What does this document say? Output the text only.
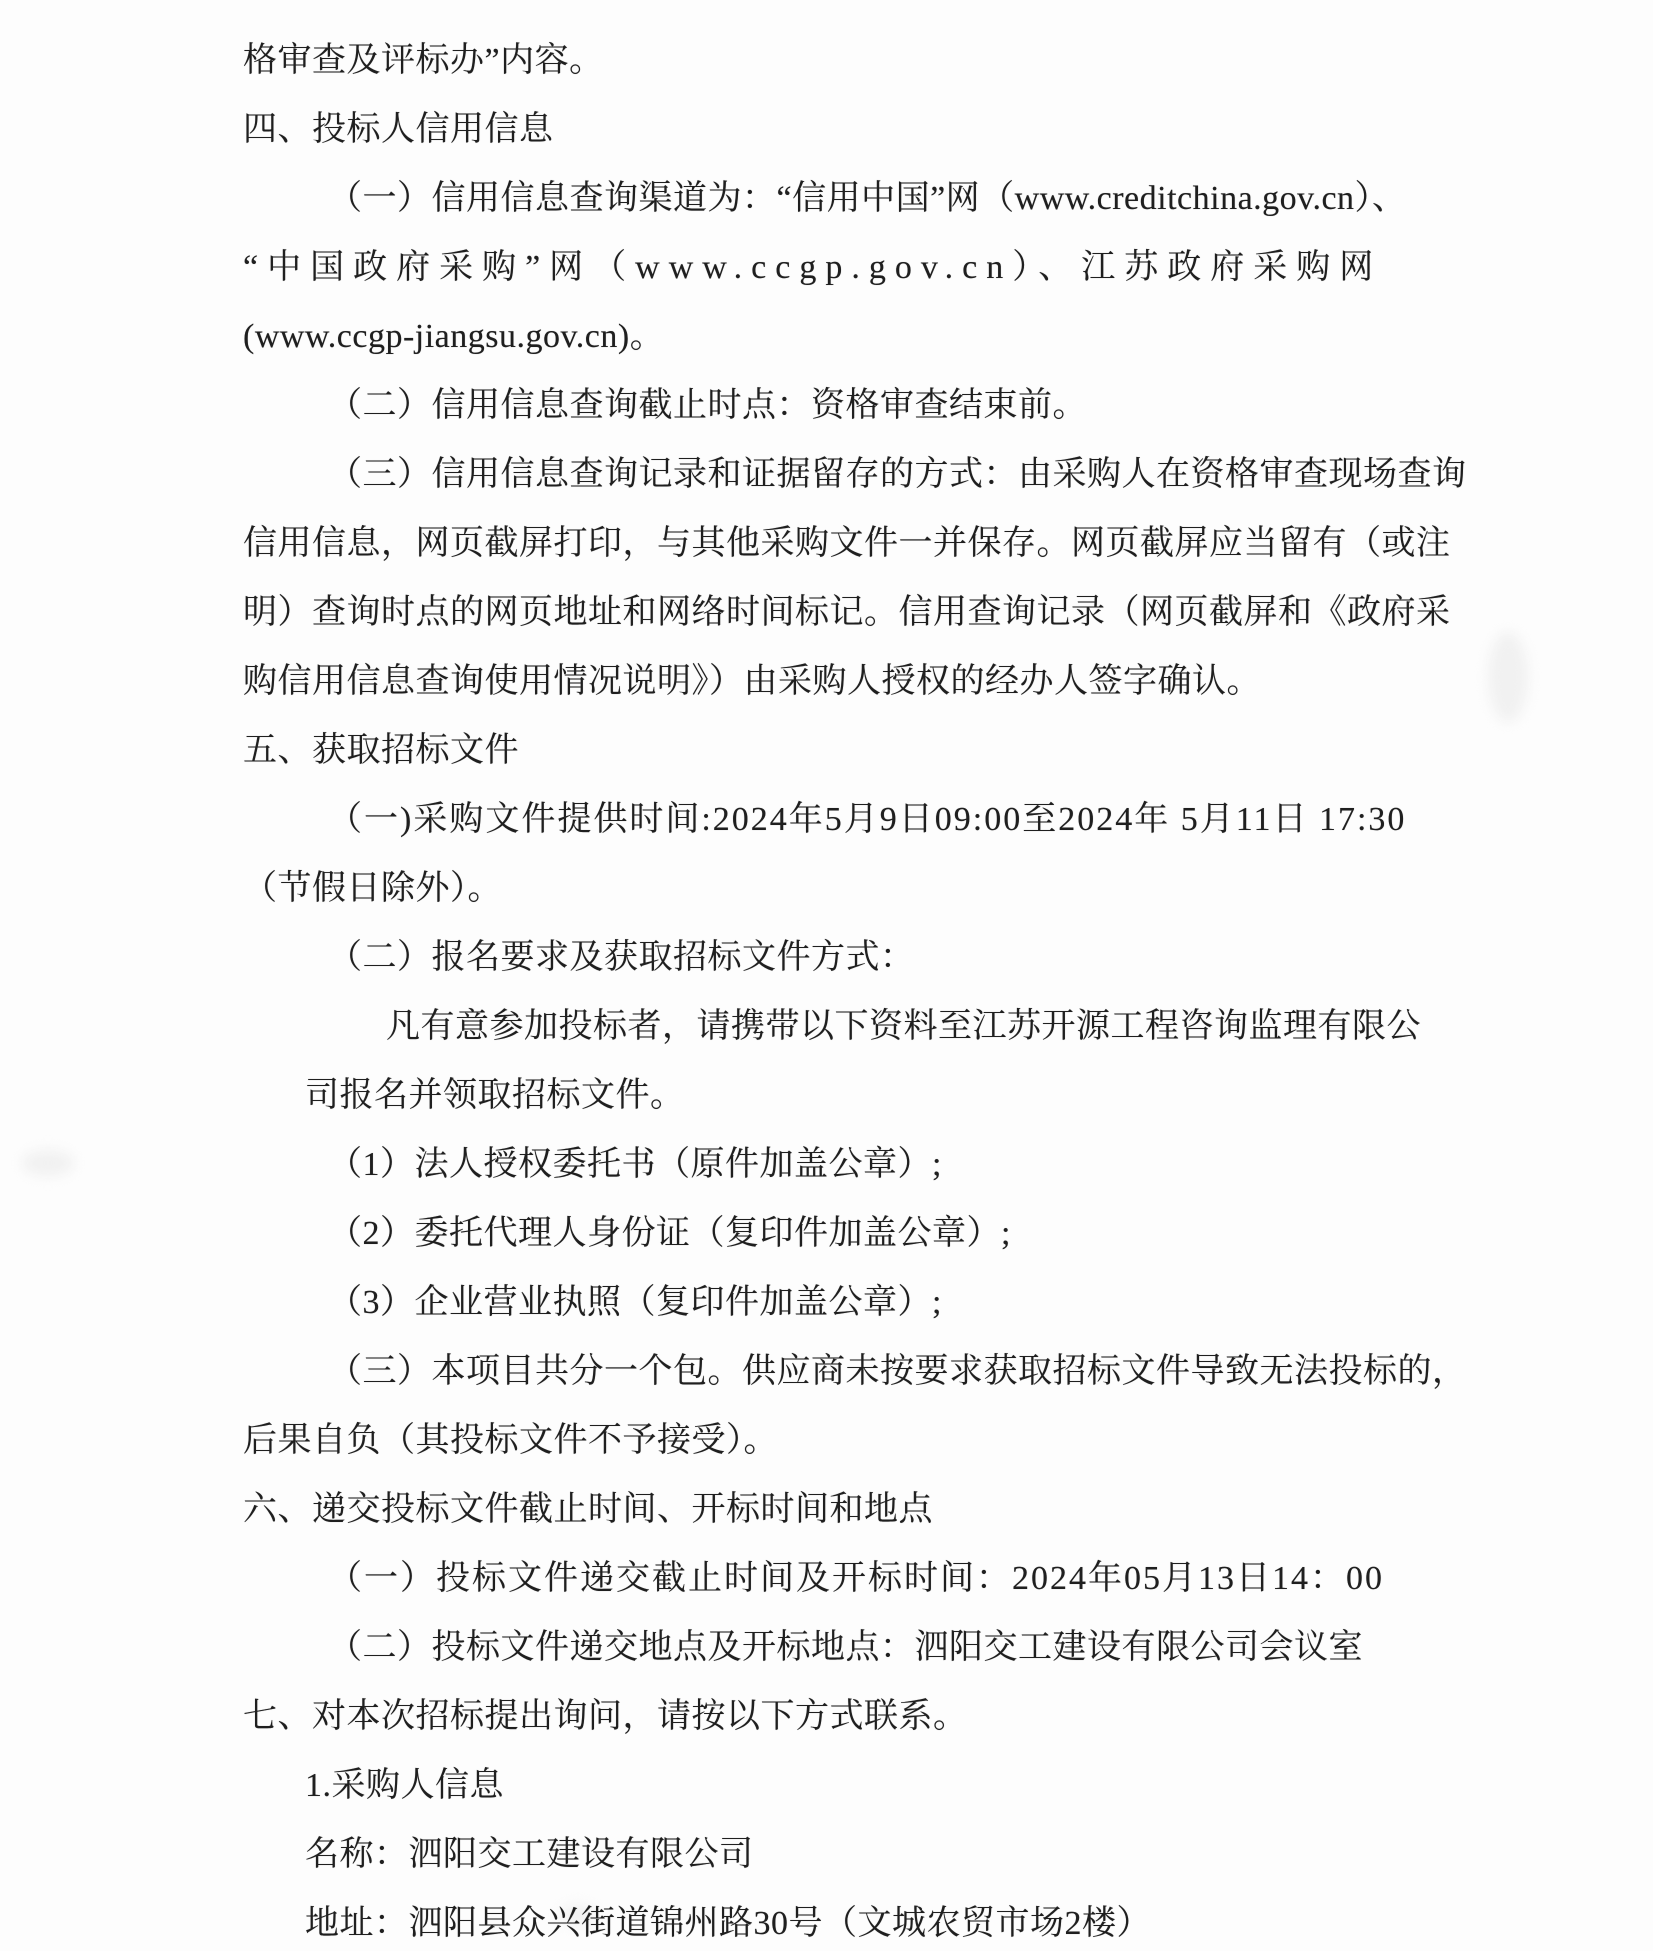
格审查及评标办”内容。

四、投标人信用信息

（一）信用信息查询渠道为：“信用中国”网（www.creditchina.gov.cn）、

“中国政府采购”网（www.ccgp.gov.cn）、江苏政府采购网

(www.ccgp-jiangsu.gov.cn)。

（二）信用信息查询截止时点：资格审查结束前。

（三）信用信息查询记录和证据留存的方式：由采购人在资格审查现场查询

信用信息，网页截屏打印，与其他采购文件一并保存。网页截屏应当留有（或注

明）查询时点的网页地址和网络时间标记。信用查询记录（网页截屏和《政府采

购信用信息查询使用情况说明》）由采购人授权的经办人签字确认。

五、获取招标文件

（一)采购文件提供时间:2024年5月9日09:00至2024年 5月11日 17:30

（节假日除外）。

（二）报名要求及获取招标文件方式：

凡有意参加投标者，请携带以下资料至江苏开源工程咨询监理有限公

司报名并领取招标文件。

（1）法人授权委托书（原件加盖公章）;

（2）委托代理人身份证（复印件加盖公章）;

（3）企业营业执照（复印件加盖公章）;

（三）本项目共分一个包。供应商未按要求获取招标文件导致无法投标的，

后果自负（其投标文件不予接受）。

六、递交投标文件截止时间、开标时间和地点

（一）投标文件递交截止时间及开标时间：2024年05月13日14：00

（二）投标文件递交地点及开标地点：泗阳交工建设有限公司会议室

七、对本次招标提出询问，请按以下方式联系。

1.采购人信息

名称：泗阳交工建设有限公司

地址：泗阳县众兴街道锦州路30号（文城农贸市场2楼）
